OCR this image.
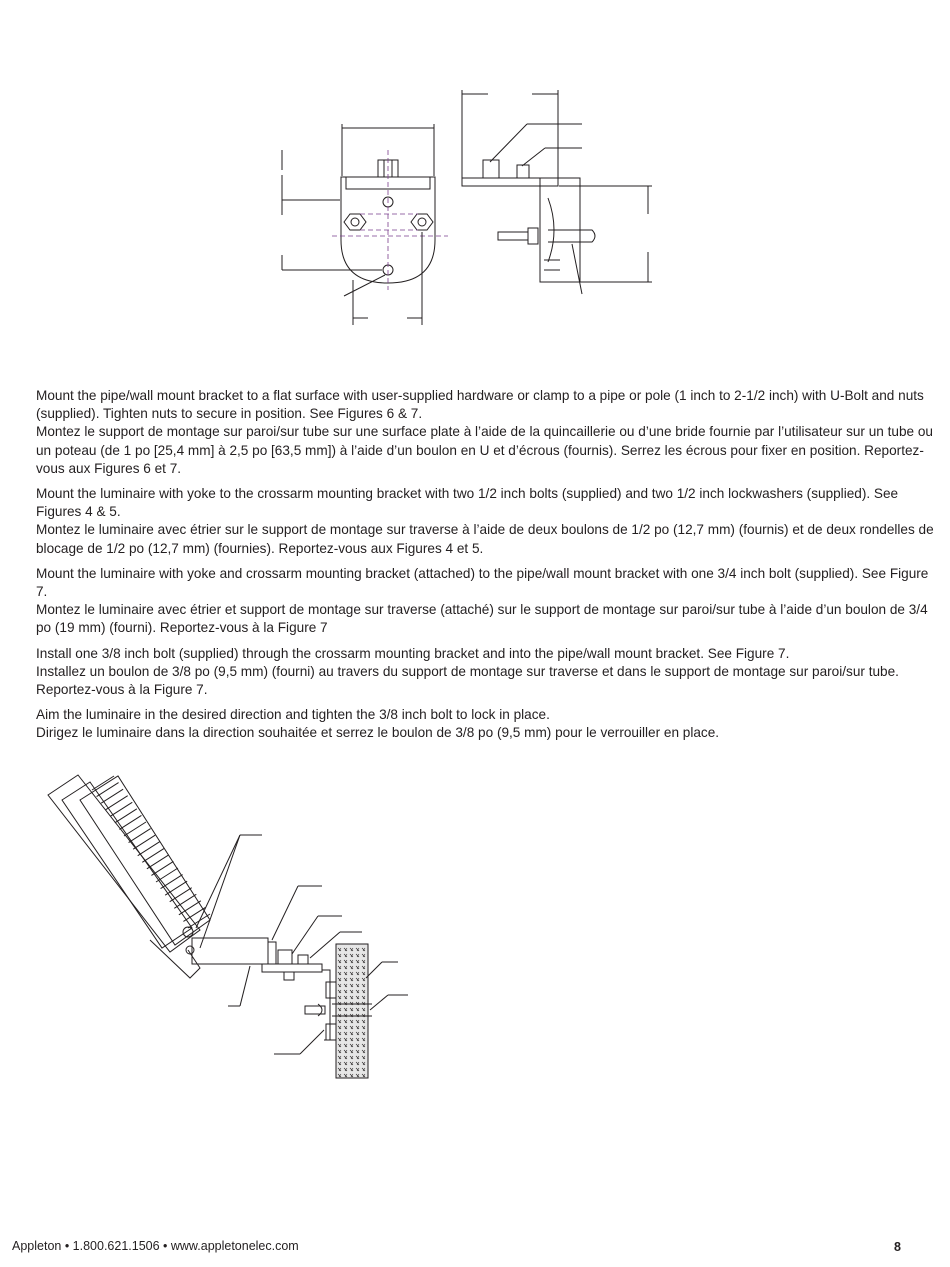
Mount the pipe/wall mount bracket to a flat surface with user-supplied hardware or clamp to a pipe or pole (1 inch to 2-1/2 inch) with U-Bolt and nuts (supplied). Tighten nuts to secure in position. See Figures 6 & 7.

Montez le support de montage sur paroi/sur tube sur une surface plate à l’aide de la quincaillerie ou d’une bride fournie par l’utilisateur sur un tube ou un poteau (de 1 po [25,4 mm] à 2,5 po [63,5 mm]) à l’aide d’un boulon en U et d’écrous (fournis). Serrez les écrous pour fixer en position. Reportez-vous aux Figures 6 et 7.

Mount the luminaire with yoke to the crossarm mounting bracket with two 1/2 inch bolts (supplied) and two 1/2 inch lockwashers (supplied). See Figures 4 & 5.

Montez le luminaire avec étrier sur le support de montage sur traverse à l’aide de deux boulons de 1/2 po (12,7 mm) (fournis) et de deux rondelles de blocage de 1/2 po (12,7 mm) (fournies). Reportez-vous aux Figures 4 et 5.

Mount the luminaire with yoke and crossarm mounting bracket (attached) to the pipe/wall mount bracket with one 3/4 inch bolt (supplied). See Figure 7.

Montez le luminaire avec étrier et support de montage sur traverse (attaché) sur le support de montage sur paroi/sur tube à l’aide d’un boulon de 3/4 po (19 mm) (fourni). Reportez-vous à la Figure 7

Install one 3/8 inch bolt (supplied) through the crossarm mounting bracket and into the pipe/wall mount bracket. See Figure 7.

Installez un boulon de 3/8 po (9,5 mm) (fourni) au travers du support de montage sur traverse et dans le support de montage sur paroi/sur tube. Reportez-vous à la Figure 7.

Aim the luminaire in the desired direction and tighten the 3/8 inch bolt to lock in place.

Dirigez le luminaire dans la direction souhaitée et serrez le boulon de 3/8 po (9,5 mm) pour le verrouiller en place.

Appleton • 1.800.621.1506 • www.appletonelec.com	8
